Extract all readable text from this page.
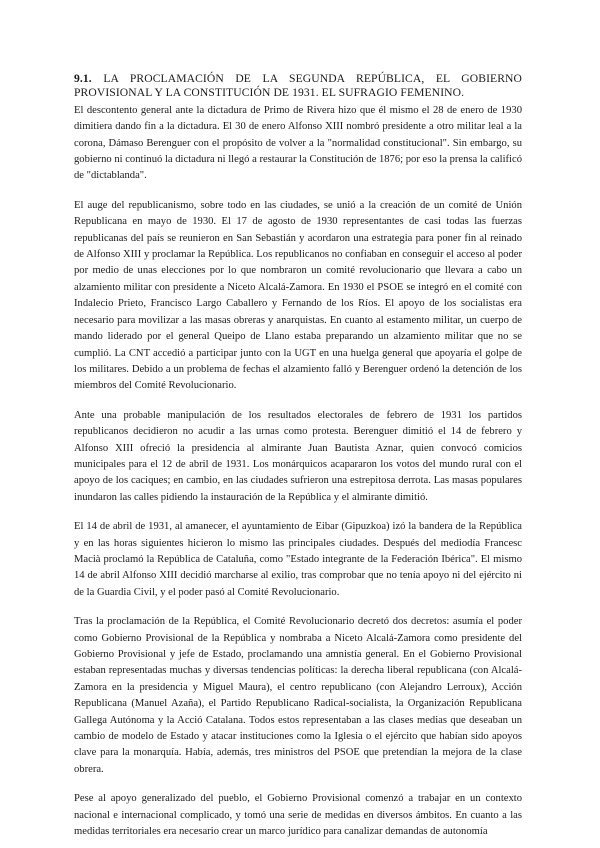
9.1. LA PROCLAMACIÓN DE LA SEGUNDA REPÚBLICA, EL GOBIERNO PROVISIONAL Y LA CONSTITUCIÓN DE 1931. EL SUFRAGIO FEMENINO.

El descontento general ante la dictadura de Primo de Rivera hizo que él mismo el 28 de enero de 1930 dimitiera dando fin a la dictadura. El 30 de enero Alfonso XIII nombró presidente a otro militar leal a la corona, Dámaso Berenguer con el propósito de volver a la "normalidad constitucional". Sin embargo, su gobierno ni continuó la dictadura ni llegó a restaurar la Constitución de 1876; por eso la prensa la calificó de "dictablanda".

El auge del republicanismo, sobre todo en las ciudades, se unió a la creación de un comité de Unión Republicana en mayo de 1930. El 17 de agosto de 1930 representantes de casi todas las fuerzas republicanas del país se reunieron en San Sebastián y acordaron una estrategia para poner fin al reinado de Alfonso XIII y proclamar la República. Los republicanos no confiaban en conseguir el acceso al poder por medio de unas elecciones por lo que nombraron un comité revolucionario que llevara a cabo un alzamiento militar con presidente a Niceto Alcalá-Zamora. En 1930 el PSOE se integró en el comité con Indalecio Prieto, Francisco Largo Caballero y Fernando de los Ríos. El apoyo de los socialistas era necesario para movilizar a las masas obreras y anarquistas. En cuanto al estamento militar, un cuerpo de mando liderado por el general Queipo de Llano estaba preparando un alzamiento militar que no se cumplió. La CNT accedió a participar junto con la UGT en una huelga general que apoyaría el golpe de los militares. Debido a un problema de fechas el alzamiento falló y Berenguer ordenó la detención de los miembros del Comité Revolucionario.

Ante una probable manipulación de los resultados electorales de febrero de 1931 los partidos republicanos decidieron no acudir a las urnas como protesta. Berenguer dimitió el 14 de febrero y Alfonso XIII ofreció la presidencia al almirante Juan Bautista Aznar, quien convocó comicios municipales para el 12 de abril de 1931. Los monárquicos acapararon los votos del mundo rural con el apoyo de los caciques; en cambio, en las ciudades sufrieron una estrepitosa derrota. Las masas populares inundaron las calles pidiendo la instauración de la República y el almirante dimitió.

El 14 de abril de 1931, al amanecer, el ayuntamiento de Eibar (Gipuzkoa) izó la bandera de la República y en las horas siguientes hicieron lo mismo las principales ciudades. Después del mediodía Francesc Macià proclamó la República de Cataluña, como "Estado integrante de la Federación Ibérica". El mismo 14 de abril Alfonso XIII decidió marcharse al exilio, tras comprobar que no tenía apoyo ni del ejército ni de la Guardia Civil, y el poder pasó al Comité Revolucionario.

Tras la proclamación de la República, el Comité Revolucionario decretó dos decretos: asumía el poder como Gobierno Provisional de la República y nombraba a Niceto Alcalá-Zamora como presidente del Gobierno Provisional y jefe de Estado, proclamando una amnistía general. En el Gobierno Provisional estaban representadas muchas y diversas tendencias políticas: la derecha liberal republicana (con Alcalá-Zamora en la presidencia y Miguel Maura), el centro republicano (con Alejandro Lerroux), Acción Republicana (Manuel Azaña), el Partido Republicano Radical-socialista, la Organización Republicana Gallega Autónoma y la Acció Catalana. Todos estos representaban a las clases medias que deseaban un cambio de modelo de Estado y atacar instituciones como la Iglesia o el ejército que habían sido apoyos clave para la monarquía. Había, además, tres ministros del PSOE que pretendían la mejora de la clase obrera.

Pese al apoyo generalizado del pueblo, el Gobierno Provisional comenzó a trabajar en un contexto nacional e internacional complicado, y tomó una serie de medidas en diversos ámbitos. En cuanto a las medidas territoriales era necesario crear un marco jurídico para canalizar demandas de autonomía
